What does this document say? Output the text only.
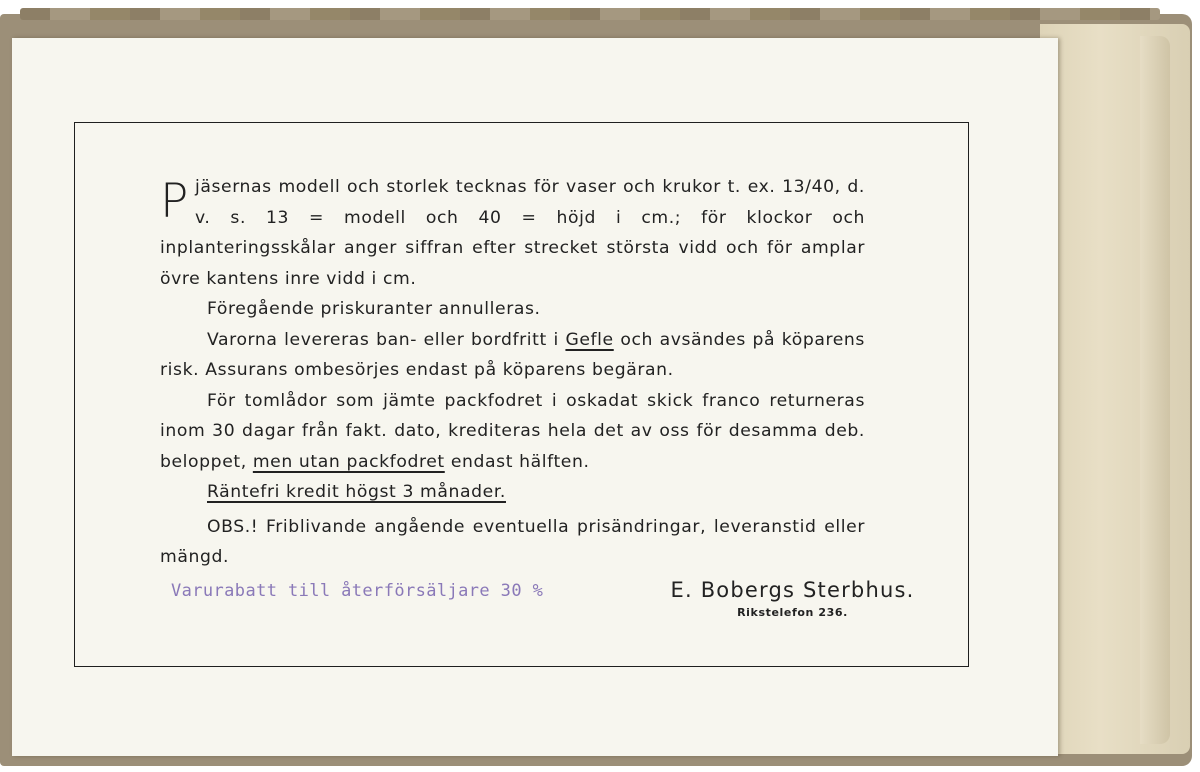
Pjäsernas modell och storlek tecknas för vaser och krukor t. ex. 13/40, d. v. s. 13 = modell och 40 = höjd i cm.; för klockor och inplanteringsskålar anger siffran efter strecket största vidd och för amplar övre kantens inre vidd i cm.

Föregående priskuranter annulleras.

Varorna levereras ban- eller bordfritt i Gefle och avsändes på köparens risk. Assurans ombesörjes endast på köparens begäran.

För tomlådor som jämte packfodret i oskadat skick franco returneras inom 30 dagar från fakt. dato, krediteras hela det av oss för desamma deb. beloppet, men utan packfodret endast hälften.

Räntefri kredit högst 3 månader.

OBS.! Friblivande angående eventuella prisändringar, leveranstid eller mängd.

Varurabatt till återförsäljare 30 %	E. Bobergs Sterbhus.
Rikstelefon 236.
